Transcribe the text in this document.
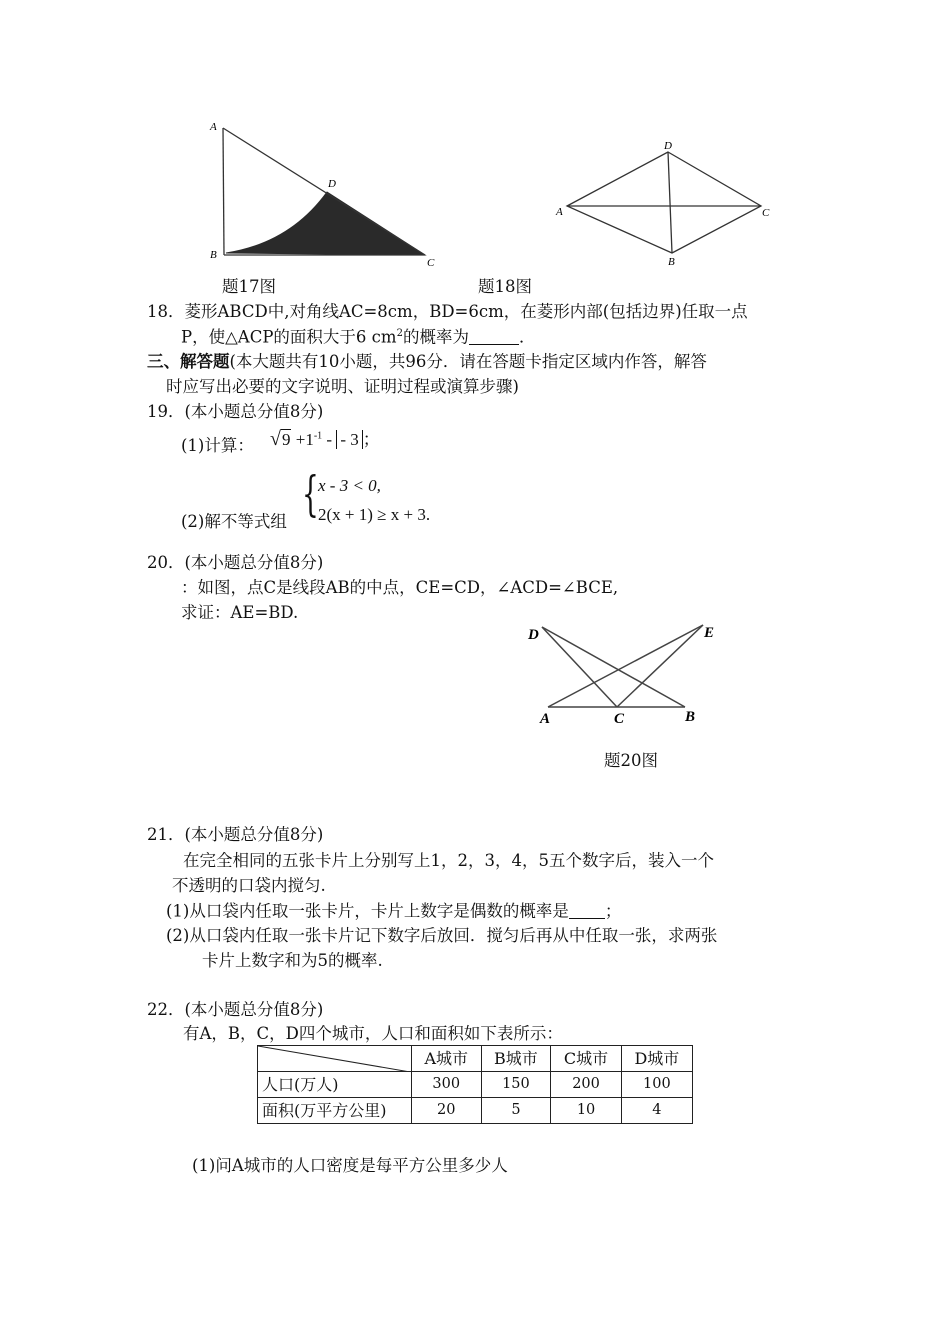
A
B
C
D
题17图
A
B
C
D
题18图
18．菱形ABCD中,对角线AC=8cm，BD=6cm，在菱形内部(包括边界)任取一点
P，使△ACP的面积大于6 $cm^2$的概率为	．
三、解答题(本大题共有10小题，共96分．请在答题卡指定区域内作答，解答
时应写出必要的文字说明、证明过程或演算步骤)
19．(本小题总分值8分)
(1)计算： $√9 +1^{-1}$ - - 3 ；
(2)解不等式组 { x - 3 < 0,
2(x + 1) ≥ x + 3.
20．(本小题总分值8分)
：如图，点C是线段AB的中点，CE=CD，∠ACD=∠BCE,
求证：AE=BD.
A	B
C
D	E
题20图
21．(本小题总分值8分)
在完全相同的五张卡片上分别写上1，2，3，4，5五个数字后，装入一个
不透明的口袋内搅匀.
(1)从口袋内任取一张卡片，卡片上数字是偶数的概率是 ；
(2)从口袋内任取一张卡片记下数字后放回．搅匀后再从中任取一张，求两张
卡片上数字和为5的概率.
22．(本小题总分值8分)
有A，B，C，D四个城市，人口和面积如下表所示：
	A城市	B城市	C城市	D城市
人口(万人)	300	150	200	100
面积(万平方公里)	20	5	10	4
(1)问A城市的人口密度是每平方公里多少人
